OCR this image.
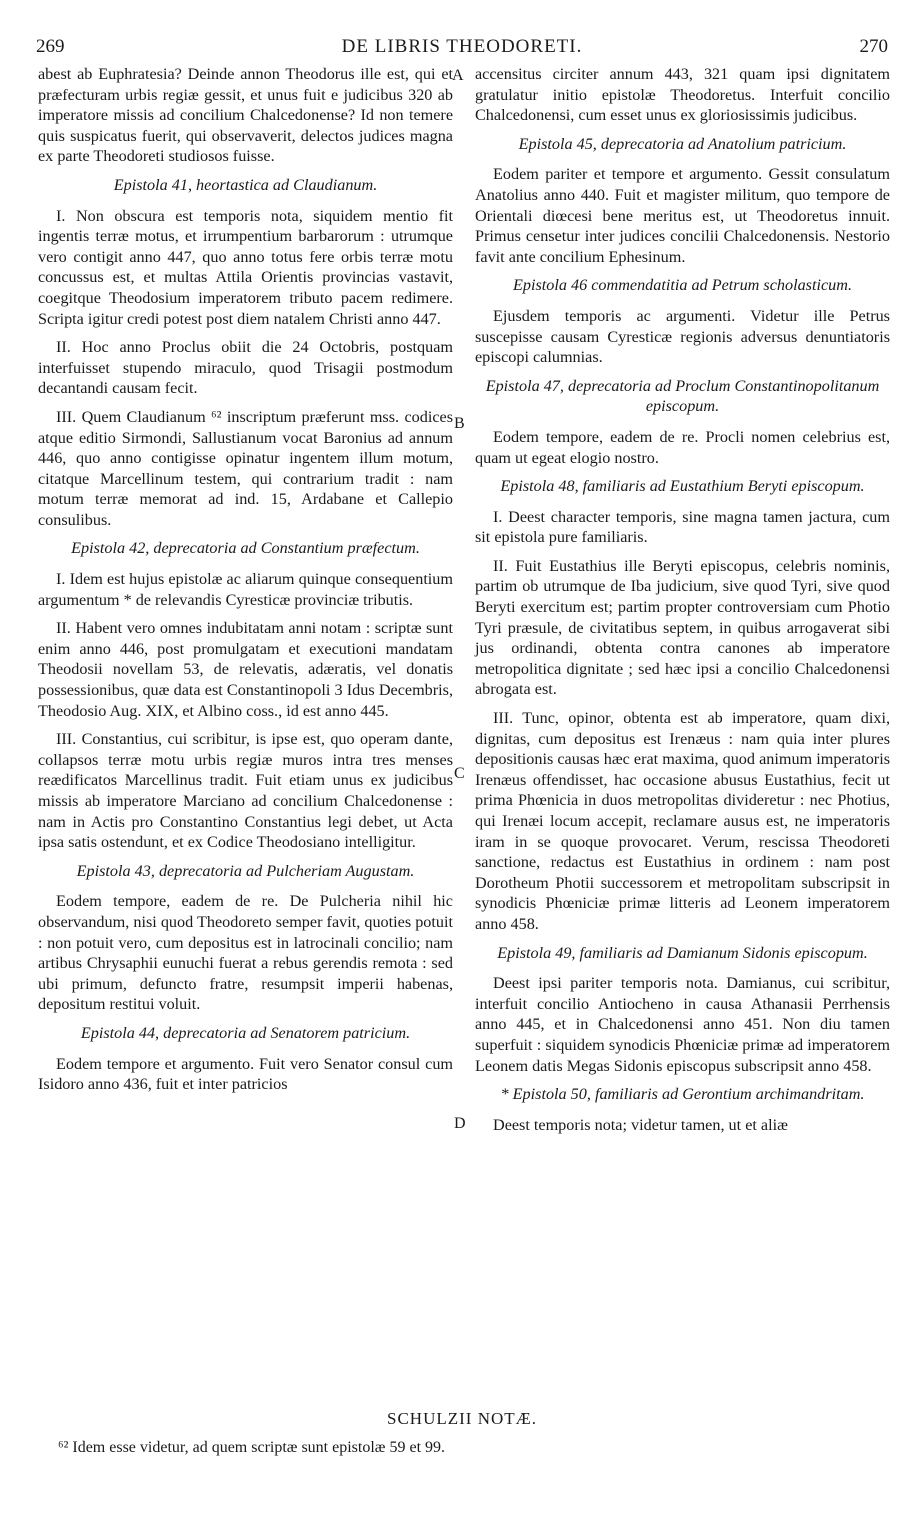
269	DE LIBRIS THEODORETI.	270

abest ab Euphratesia? Deinde annon Theodorus ille est, qui et præfecturam urbis regiæ gessit, et unus fuit e judicibus 320 ab imperatore missis ad concilium Chalcedonense? Id non temere quis suspicatus fuerit, qui observaverit, delectos judices magna ex parte Theodoreti studiosos fuisse.

Epistola 41, heortastica ad Claudianum.

I. Non obscura est temporis nota, siquidem mentio fit ingentis terræ motus, et irrumpentium barbarorum : utrumque vero contigit anno 447, quo anno totus fere orbis terræ motu concussus est, et multas Attila Orientis provincias vastavit, coegitque Theodosium imperatorem tributo pacem redimere. Scripta igitur credi potest post diem natalem Christi anno 447.

II. Hoc anno Proclus obiit die 24 Octobris, postquam interfuisset stupendo miraculo, quod Trisagii postmodum decantandi causam fecit.

III. Quem Claudianum ⁶² inscriptum præferunt mss. codices atque editio Sirmondi, Sallustianum vocat Baronius ad annum 446, quo anno contigisse opinatur ingentem illum motum, citatque Marcellinum testem, qui contrarium tradit : nam motum terræ memorat ad ind. 15, Ardabane et Callepio consulibus.

Epistola 42, deprecatoria ad Constantium præfectum.

I. Idem est hujus epistolæ ac aliarum quinque consequentium argumentum * de relevandis Cyresticæ provinciæ tributis.

II. Habent vero omnes indubitatam anni notam : scriptæ sunt enim anno 446, post promulgatam et executioni mandatam Theodosii novellam 53, de relevatis, adæratis, vel donatis possessionibus, quæ data est Constantinopoli 3 Idus Decembris, Theodosio Aug. XIX, et Albino coss., id est anno 445.

III. Constantius, cui scribitur, is ipse est, quo operam dante, collapsos terræ motu urbis regiæ muros intra tres menses reædificatos Marcellinus tradit. Fuit etiam unus ex judicibus missis ab imperatore Marciano ad concilium Chalcedonense : nam in Actis pro Constantino Constantius legi debet, ut Acta ipsa satis ostendunt, et ex Codice Theodosiano intelligitur.

Epistola 43, deprecatoria ad Pulcheriam Augustam.

Eodem tempore, eadem de re. De Pulcheria nihil hic observandum, nisi quod Theodoreto semper favit, quoties potuit : non potuit vero, cum depositus est in latrocinali concilio; nam artibus Chrysaphii eunuchi fuerat a rebus gerendis remota : sed ubi primum, defuncto fratre, resumpsit imperii habenas, depositum restitui voluit.

Epistola 44, deprecatoria ad Senatorem patricium.

Eodem tempore et argumento. Fuit vero Senator consul cum Isidoro anno 436, fuit et inter patricios

A
B
C
D

accensitus circiter annum 443, 321 quam ipsi dignitatem gratulatur initio epistolæ Theodoretus. Interfuit concilio Chalcedonensi, cum esset unus ex gloriosissimis judicibus.

Epistola 45, deprecatoria ad Anatolium patricium.

Eodem pariter et tempore et argumento. Gessit consulatum Anatolius anno 440. Fuit et magister militum, quo tempore de Orientali diœcesi bene meritus est, ut Theodoretus innuit. Primus censetur inter judices concilii Chalcedonensis. Nestorio favit ante concilium Ephesinum.

Epistola 46 commendatitia ad Petrum scholasticum.

Ejusdem temporis ac argumenti. Videtur ille Petrus suscepisse causam Cyresticæ regionis adversus denuntiatoris episcopi calumnias.

Epistola 47, deprecatoria ad Proclum Constantinopolitanum episcopum.

Eodem tempore, eadem de re. Procli nomen celebrius est, quam ut egeat elogio nostro.

Epistola 48, familiaris ad Eustathium Beryti episcopum.

I. Deest character temporis, sine magna tamen jactura, cum sit epistola pure familiaris.

II. Fuit Eustathius ille Beryti episcopus, celebris nominis, partim ob utrumque de Iba judicium, sive quod Tyri, sive quod Beryti exercitum est; partim propter controversiam cum Photio Tyri præsule, de civitatibus septem, in quibus arrogaverat sibi jus ordinandi, obtenta contra canones ab imperatore metropolitica dignitate ; sed hæc ipsi a concilio Chalcedonensi abrogata est.

III. Tunc, opinor, obtenta est ab imperatore, quam dixi, dignitas, cum depositus est Irenæus : nam quia inter plures depositionis causas hæc erat maxima, quod animum imperatoris Irenæus offendisset, hac occasione abusus Eustathius, fecit ut prima Phœnicia in duos metropolitas divideretur : nec Photius, qui Irenæi locum accepit, reclamare ausus est, ne imperatoris iram in se quoque provocaret. Verum, rescissa Theodoreti sanctione, redactus est Eustathius in ordinem : nam post Dorotheum Photii successorem et metropolitam subscripsit in synodicis Phœniciæ primæ litteris ad Leonem imperatorem anno 458.

Epistola 49, familiaris ad Damianum Sidonis episcopum.

Deest ipsi pariter temporis nota. Damianus, cui scribitur, interfuit concilio Antiocheno in causa Athanasii Perrhensis anno 445, et in Chalcedonensi anno 451. Non diu tamen superfuit : siquidem synodicis Phœniciæ primæ ad imperatorem Leonem datis Megas Sidonis episcopus subscripsit anno 458.

* Epistola 50, familiaris ad Gerontium archimandritam.

Deest temporis nota; videtur tamen, ut et aliæ

SCHULZII NOTÆ.
⁶² Idem esse videtur, ad quem scriptæ sunt epistolæ 59 et 99.
